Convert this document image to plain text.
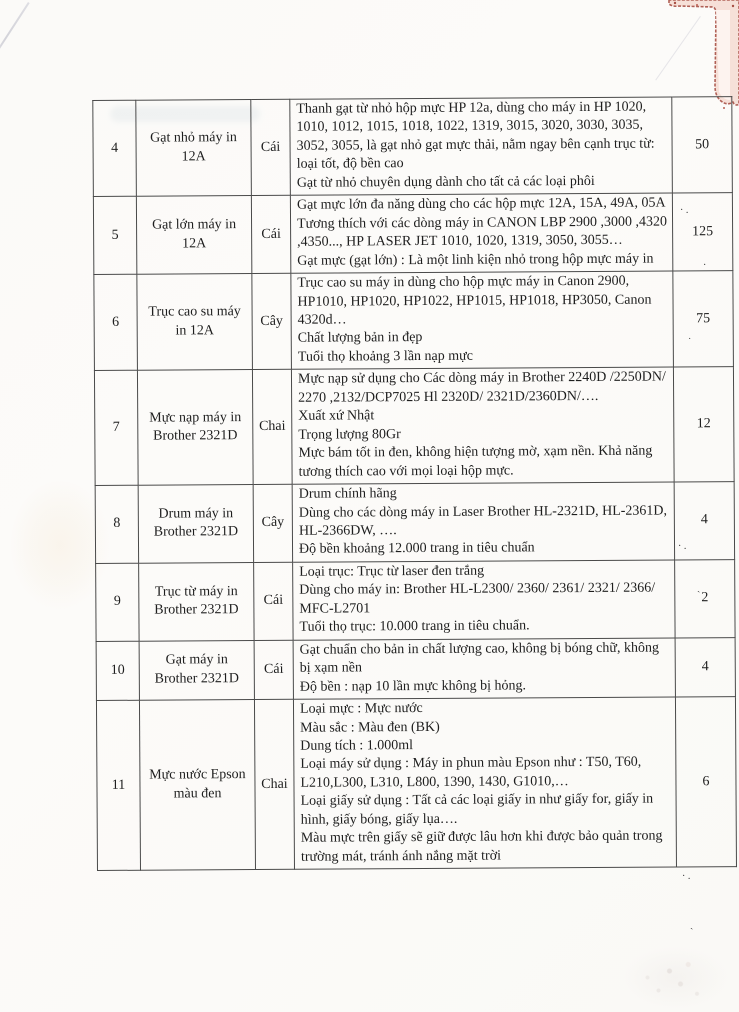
· .
·
˙
· .
ˎ
· .
ˎ
4	Gạt nhỏ máy in 12A	Cái	Thanh gạt từ nhỏ hộp mực HP 12a, dùng cho máy in HP 1020, 1010, 1012, 1015, 1018, 1022, 1319, 3015, 3020, 3030, 3035, 3052, 3055, là gạt nhỏ gạt mực thải, nằm ngay bên cạnh trục từ: loại tốt, độ bền cao
Gạt từ nhỏ chuyên dụng dành cho tất cả các loại phôi	50
5	Gạt lớn máy in 12A	Cái	Gạt mực lớn đa năng dùng cho các hộp mực 12A, 15A, 49A, 05A
Tương thích với các dòng máy in CANON LBP 2900 ,3000 ,4320 ,4350..., HP LASER JET 1010, 1020, 1319, 3050, 3055…
Gạt mực (gạt lớn) : Là một linh kiện nhỏ trong hộp mực máy in	125
6	Trục cao su máy in 12A	Cây	Trục cao su máy in dùng cho hộp mực máy in Canon 2900, HP1010, HP1020, HP1022, HP1015, HP1018, HP3050, Canon 4320d…
Chất lượng bản in đẹp
Tuổi thọ khoảng 3 lần nạp mực	75
7	Mực nạp máy in Brother 2321D	Chai	Mực nạp sử dụng cho Các dòng máy in Brother 2240D /2250DN/ 2270 ,2132/DCP7025 Hl 2320D/ 2321D/2360DN/….
Xuất xứ Nhật
Trọng lượng 80Gr
Mực bám tốt in đen, không hiện tượng mờ, xạm nền. Khả năng tương thích cao với mọi loại hộp mực.	12
8	Drum máy in Brother 2321D	Cây	Drum chính hãng
Dùng cho các dòng máy in Laser Brother HL-2321D, HL-2361D, HL-2366DW, ….
Độ bền khoảng 12.000 trang in tiêu chuẩn	4
9	Trục từ máy in Brother 2321D	Cái	Loại trục: Trục từ laser đen trắng
Dùng cho máy in: Brother HL-L2300/ 2360/ 2361/ 2321/ 2366/ MFC-L2701
Tuổi thọ trục: 10.000 trang in tiêu chuẩn.	2
10	Gạt máy in Brother 2321D	Cái	Gạt chuẩn cho bản in chất lượng cao, không bị bóng chữ, không bị xạm nền
Độ bền : nạp 10 lần mực không bị hỏng.	4
11	Mực nước Epson màu đen	Chai	
Loại mực : Mực nước
Màu sắc : Màu đen (BK)
Dung tích : 1.000ml
Loại máy sử dụng : Máy in phun màu Epson như : T50, T60, L210,L300, L310, L800, 1390, 1430, G1010,…
Loại giấy sử dụng : Tất cả các loại giấy in như giấy for, giấy in hình, giấy bóng, giấy lụa….
Màu mực trên giấy sẽ giữ được lâu hơn khi được bảo quản trong trường mát, tránh ánh nắng mặt trời
	6
